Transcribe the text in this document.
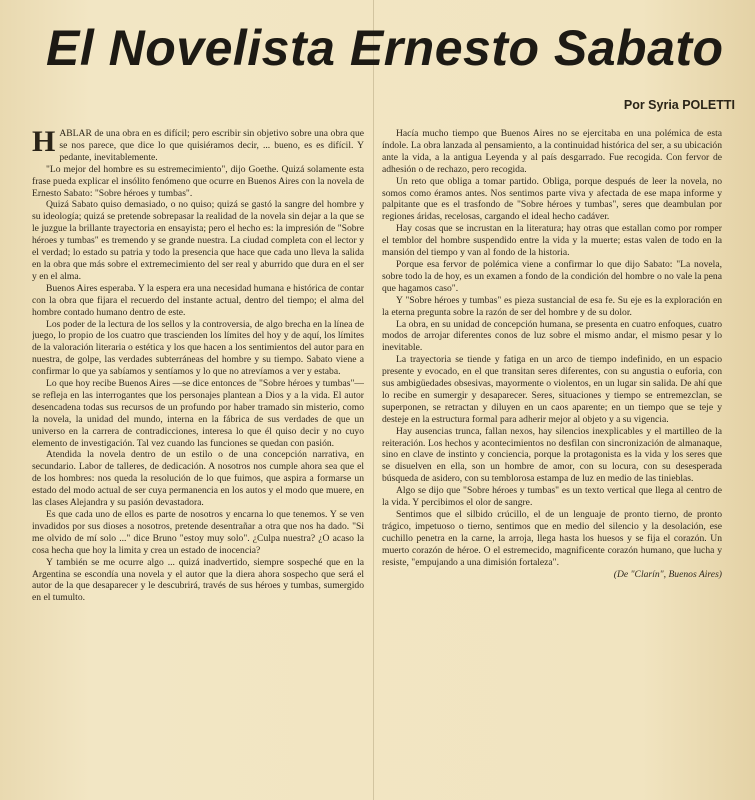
El Novelista Ernesto Sabato
Por Syria POLETTI

HABLAR de una obra en es difícil; pero escribir sin objetivo sobre una obra que se nos parece, que dice lo que quisiéramos decir, ... bueno, es es difícil. Y pedante, inevitablemente.

"Lo mejor del hombre es su estremecimiento", dijo Goethe. Quizá solamente esta frase pueda explicar el insólito fenómeno que ocurre en Buenos Aires con la novela de Ernesto Sabato: "Sobre héroes y tumbas".

Quizá Sabato quiso demasiado, o no quiso; quizá se gastó la sangre del hombre y su ideología; quizá se pretende sobrepasar la realidad de la novela sin dejar a la que se le juzgue la brillante trayectoria en ensayista; pero el hecho es: la impresión de "Sobre héroes y tumbas" es tremendo y se grande nuestra. La ciudad completa con el lector y el verdad; lo estado su patria y todo la presencia que hace que cada uno lleva la salida en la obra que más sobre el extremecimiento del ser real y aburrido que dura en el ser y en el alma.

Buenos Aires esperaba. Y la espera era una necesidad humana e histórica de contar con la obra que fijara el recuerdo del instante actual, dentro del tiempo; el alma del hombre contado humano dentro de este.

Los poder de la lectura de los sellos y la controversia, de algo brecha en la línea de juego, lo propio de los cuatro que trascienden los límites del hoy y de aquí, los límites de la valoración literaria o estética y los que hacen a los sentimientos del autor para en nuestra, de golpe, las verdades subterráneas del hombre y su tiempo. Sabato viene a confirmar lo que ya sabíamos y sentíamos y lo que no atrevíamos a ver y estaba.

Lo que hoy recibe Buenos Aires —se dice entonces de "Sobre héroes y tumbas"— se refleja en las interrogantes que los personajes plantean a Dios y a la vida. El autor desencadena todas sus recursos de un profundo por haber tramado sin misterio, como la novela, la unidad del mundo, interna en la fábrica de sus verdades de que un universo en la carrera de contradicciones, interesa lo que él quiso decir y no cuyo elemento de investigación. Tal vez cuando las funciones se quedan con pasión.

Atendida la novela dentro de un estilo o de una concepción narrativa, en secundario. Labor de talleres, de dedicación. A nosotros nos cumple ahora sea que el de los hombres: nos queda la resolución de lo que fuimos, que aspira a formarse un estado del modo actual de ser cuya permanencia en los autos y el modo que muere, en las clases Alejandra y su pasión devastadora.

Es que cada uno de ellos es parte de nosotros y encarna lo que tenemos. Y se ven invadidos por sus dioses a nosotros, pretende desentrañar a otra que nos ha dado. "Si me olvido de mí solo ..." dice Bruno "estoy muy solo". ¿Culpa nuestra? ¿O acaso la cosa hecha que hoy la limita y crea un estado de inocencia?

Y también se me ocurre algo ... quizá inadvertido, siempre sospeché que en la Argentina se escondía una novela y el autor que la diera ahora sospecho que será el autor de la que desaparecer y le descubrirá, través de sus héroes y tumbas, sumergido en el tumulto.

Hacía mucho tiempo que Buenos Aires no se ejercitaba en una polémica de esta índole. La obra lanzada al pensamiento, a la continuidad histórica del ser, a su ubicación ante la vida, a la antigua Leyenda y al país desgarrado. Fue recogida. Con fervor de adhesión o de rechazo, pero recogida.

Un reto que obliga a tomar partido. Obliga, porque después de leer la novela, no somos como éramos antes. Nos sentimos parte viva y afectada de ese mapa informe y palpitante que es el trasfondo de "Sobre héroes y tumbas", seres que deambulan por regiones áridas, recelosas, cargando el ideal hecho cadáver.

Hay cosas que se incrustan en la literatura; hay otras que estallan como por romper el temblor del hombre suspendido entre la vida y la muerte; estas valen de todo en la mansión del tiempo y van al fondo de la historia.

Porque esa fervor de polémica viene a confirmar lo que dijo Sabato: "La novela, sobre todo la de hoy, es un examen a fondo de la condición del hombre o no vale la pena que hagamos caso".

Y "Sobre héroes y tumbas" es pieza sustancial de esa fe. Su eje es la exploración en la eterna pregunta sobre la razón de ser del hombre y de su dolor.

La obra, en su unidad de concepción humana, se presenta en cuatro enfoques, cuatro modos de arrojar diferentes conos de luz sobre el mismo andar, el mismo pesar y lo inevitable.

La trayectoria se tiende y fatiga en un arco de tiempo indefinido, en un espacio presente y evocado, en el que transitan seres diferentes, con su angustia o euforia, con sus ambigüedades obsesivas, mayormente o violentos, en un lugar sin salida. De ahí que lo recibe en sumergir y desaparecer. Seres, situaciones y tiempo se entremezclan, se superponen, se retractan y diluyen en un caos aparente; en un tiempo que se teje y desteje en la estructura formal para adherir mejor al objeto y a su vigencia.

Hay ausencias trunca, fallan nexos, hay silencios inexplicables y el martilleo de la reiteración. Los hechos y acontecimientos no desfilan con sincronización de almanaque, sino en clave de instinto y conciencia, porque la protagonista es la vida y los seres que se disuelven en ella, son un hombre de amor, con su locura, con su desesperada búsqueda de asidero, con su temblorosa estampa de luz en medio de las tinieblas.

Algo se dijo que "Sobre héroes y tumbas" es un texto vertical que llega al centro de la vida. Y percibimos el olor de sangre.

Sentimos que el silbido crúcillo, el de un lenguaje de pronto tierno, de pronto trágico, impetuoso o tierno, sentimos que en medio del silencio y la desolación, ese cuchillo penetra en la carne, la arroja, llega hasta los huesos y se fija el corazón. Un muerto corazón de héroe. O el estremecido, magnificente corazón humano, que lucha y resiste, "empujando a una dimisión fortaleza".

(De "Clarín", Buenos Aires)
